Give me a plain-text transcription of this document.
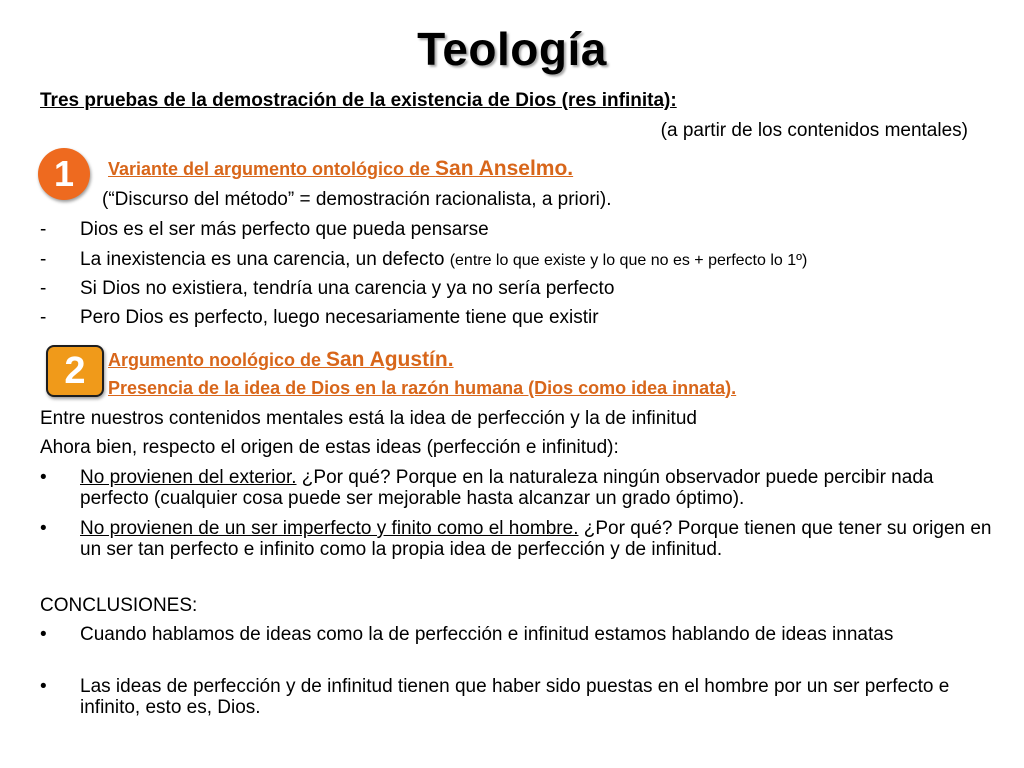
Teología
Tres pruebas de la demostración de la existencia de Dios (res infinita):
(a partir de los contenidos mentales)
1 Variante del argumento ontológico de San Anselmo.
(“Discurso del método” = demostración racionalista, a priori).
- Dios es el ser más perfecto que pueda pensarse
- La inexistencia es una carencia, un defecto (entre lo que existe y lo que no es + perfecto lo 1º)
- Si Dios no existiera, tendría una carencia y ya no sería perfecto
- Pero Dios es perfecto, luego necesariamente tiene que existir
2 Argumento noológico de San Agustín.
Presencia de la idea de Dios en la razón humana (Dios como idea innata).
Entre nuestros contenidos mentales está la idea de perfección y la de infinitud
Ahora bien, respecto el origen de estas ideas (perfección e infinitud):
• No provienen del exterior. ¿Por qué? Porque en la naturaleza ningún observador puede percibir nada perfecto (cualquier cosa puede ser mejorable hasta alcanzar un grado óptimo).
• No provienen de un ser imperfecto y finito como el hombre. ¿Por qué? Porque tienen que tener su origen en un ser tan perfecto e infinito como la propia idea de perfección y de infinitud.
CONCLUSIONES:
• Cuando hablamos de ideas como la de perfección e infinitud estamos hablando de ideas innatas
• Las ideas de perfección y de infinitud tienen que haber sido puestas en el hombre por un ser perfecto e infinito, esto es, Dios.
